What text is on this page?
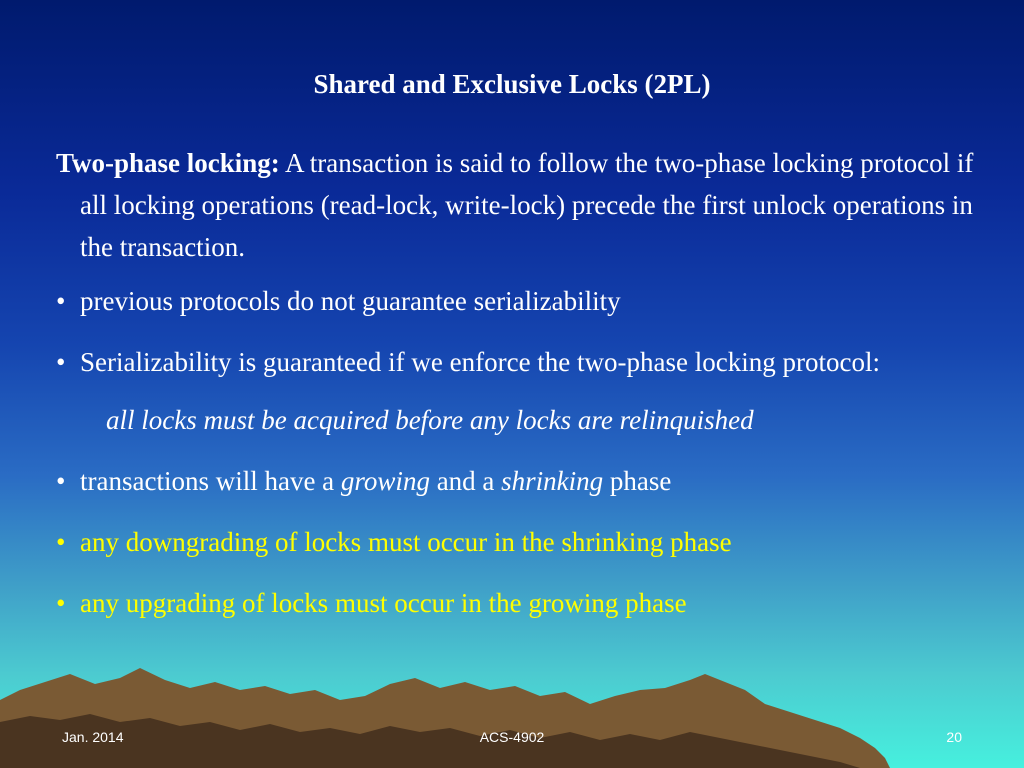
Shared and Exclusive Locks (2PL)

Two-phase locking: A transaction is said to follow the two-phase locking protocol if all locking operations (read-lock, write-lock) precede the first unlock operations in the transaction.

• previous protocols do not guarantee serializability
• Serializability is guaranteed if we enforce the two-phase locking protocol:
all locks must be acquired before any locks are relinquished
• transactions will have a growing and a shrinking phase
• any downgrading of locks must occur in the shrinking phase
• any upgrading of locks must occur in the growing phase
Jan. 2014	ACS-4902	20
